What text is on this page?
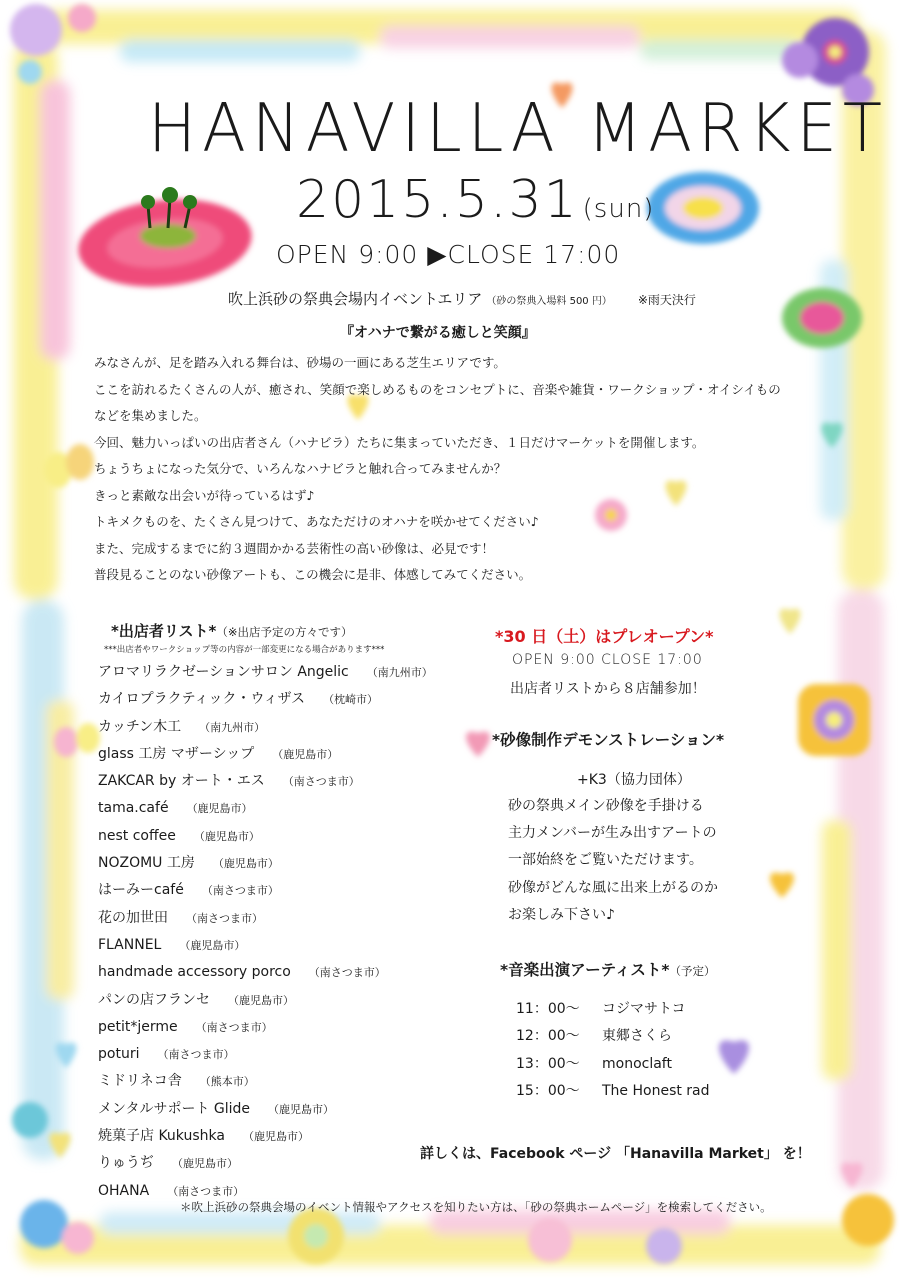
HANAVILLA MARKET
2015.5.31 (sun)
OPEN 9:00 ▶CLOSE 17:00
吹上浜砂の祭典会場内イベントエリア （砂の祭典入場料 500 円） ※雨天決行
『オハナで繋がる癒しと笑顔』
みなさんが、足を踏み入れる舞台は、砂場の一画にある芝生エリアです。
ここを訪れるたくさんの人が、癒され、笑顔で楽しめるものをコンセプトに、音楽や雑貨・ワークショップ・オイシイもの
などを集めました。
今回、魅力いっぱいの出店者さん（ハナビラ）たちに集まっていただき、１日だけマーケットを開催します。
ちょうちょになった気分で、いろんなハナビラと触れ合ってみませんか？
きっと素敵な出会いが待っているはず♪
トキメクものを、たくさん見つけて、あなただけのオハナを咲かせてください♪
また、完成するまでに約３週間かかる芸術性の高い砂像は、必見です！
普段見ることのない砂像アートも、この機会に是非、体感してみてください。
*出店者リスト*（※出店予定の方々です）
***出店者やワークショップ等の内容が一部変更になる場合があります***
アロマリラクゼーションサロン Angelic （南九州市）
カイロプラクティック・ウィザス （枕崎市）
カッチン木工 （南九州市）
glass 工房 マザーシップ （鹿児島市）
ZAKCAR by オート・エス （南さつま市）
tama.café （鹿児島市）
nest coffee （鹿児島市）
NOZOMU 工房 （鹿児島市）
はーみーcafé （南さつま市）
花の加世田 （南さつま市）
FLANNEL （鹿児島市）
handmade accessory porco （南さつま市）
パンの店フランセ （鹿児島市）
petit*jerme （南さつま市）
poturi （南さつま市）
ミドリネコ舎 （熊本市）
メンタルサポート Glide （鹿児島市）
焼菓子店 Kukushka （鹿児島市）
りゅうぢ （鹿児島市）
OHANA （南さつま市）
＊吹上浜砂の祭典会場のイベント情報やアクセスを知りたい方は、「砂の祭典ホームページ」を検索してください。
*30 日（土）はプレオープン*
OPEN 9:00 CLOSE 17:00
出店者リストから８店舗参加！
*砂像制作デモンストレーション*
+K3（協力団体）
砂の祭典メイン砂像を手掛ける
主力メンバーが生み出すアートの
一部始終をご覧いただけます。
砂像がどんな風に出来上がるのか
お楽しみ下さい♪
*音楽出演アーティスト*（予定）
11：00〜 コジマサトコ
12：00〜 東郷さくら
13：00〜 monoclaft
15：00〜 The Honest rad
詳しくは、Facebook ページ 「Hanavilla Market」 を！
